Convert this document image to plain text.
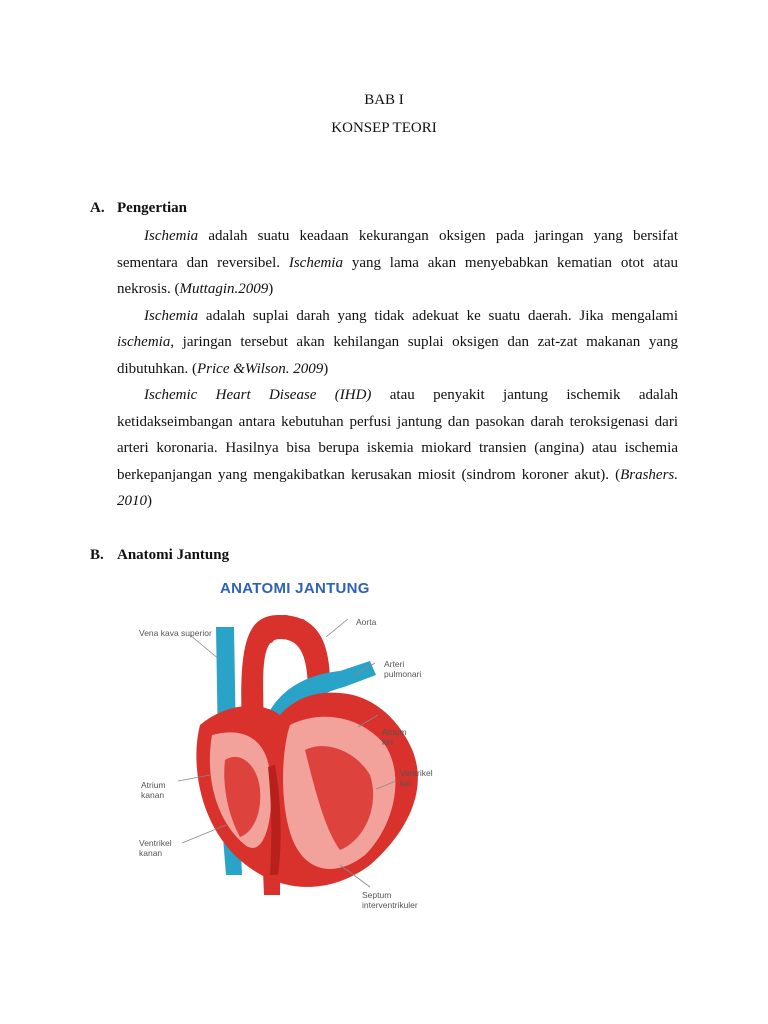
BAB I
KONSEP TEORI
A. Pengertian
Ischemia adalah suatu keadaan kekurangan oksigen pada jaringan yang bersifat
sementara dan reversibel. Ischemia yang lama akan menyebabkan kematian otot atau
nekrosis. (Muttagin.2009)
Ischemia adalah suplai darah yang tidak adekuat ke suatu daerah. Jika mengalami
ischemia, jaringan tersebut akan kehilangan suplai oksigen dan zat-zat makanan yang
dibutuhkan. (Price &Wilson. 2009)
Ischemic Heart Disease (IHD) atau penyakit jantung ischemik adalah
ketidakseimbangan antara kebutuhan perfusi jantung dan pasokan darah teroksigenasi dari
arteri koronaria. Hasilnya bisa berupa iskemia miokard transien (angina) atau ischemia
berkepanjangan yang mengakibatkan kerusakan miosit (sindrom koroner akut). (Brashers.
2010)
B. Anatomi Jantung
ANATOMI JANTUNG
Vena kava superior
Aorta
Arteri pulmonari
Atrium kiri
Ventrikel kiri
Atrium kanan
Ventrikel kanan
Septum interventrikuler
